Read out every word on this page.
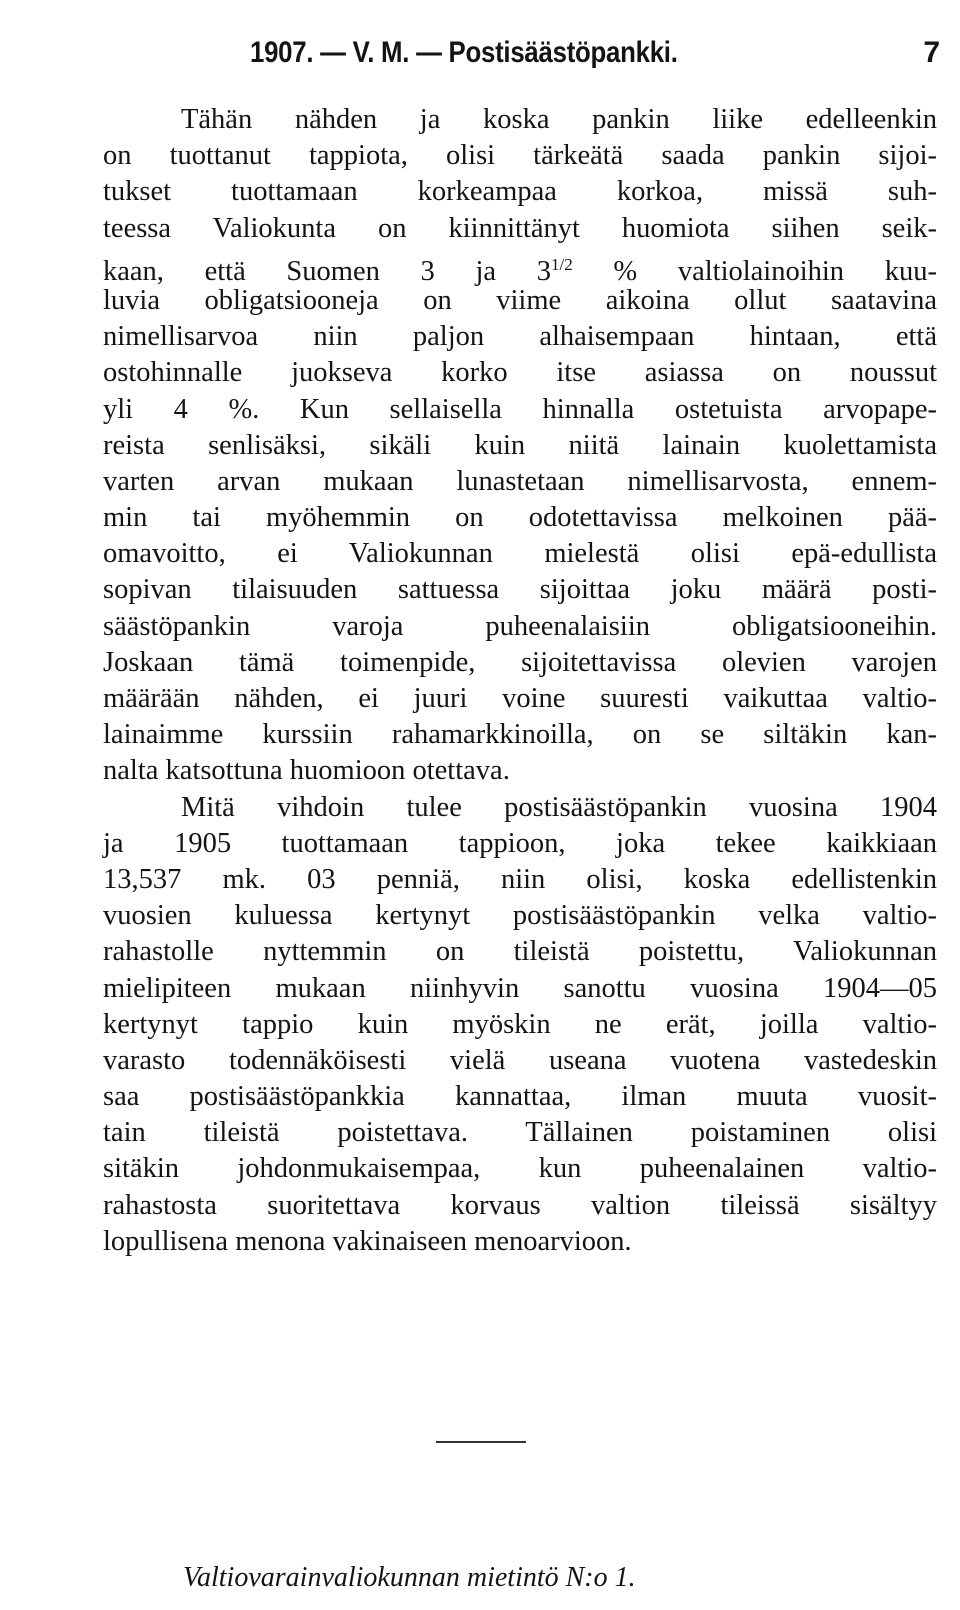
1907. — V. M. — Postisäästöpankki.	7
Tähän nähden ja koska pankin liike edelleenkin
on tuottanut tappiota, olisi tärkeätä saada pankin sijoi-
tukset tuottamaan korkeampaa korkoa, missä suh-
teessa Valiokunta on kiinnittänyt huomiota siihen seik-
kaan, että Suomen 3 ja $3^{1/2}$ % valtiolainoihin kuu-
luvia obligatsiooneja on viime aikoina ollut saatavina
nimellisarvoa niin paljon alhaisempaan hintaan, että
ostohinnalle juokseva korko itse asiassa on noussut
yli 4 %. Kun sellaisella hinnalla ostetuista arvopape-
reista senlisäksi, sikäli kuin niitä lainain kuolettamista
varten arvan mukaan lunastetaan nimellisarvosta, ennem-
min tai myöhemmin on odotettavissa melkoinen pää-
omavoitto, ei Valiokunnan mielestä olisi epä-edullista
sopivan tilaisuuden sattuessa sijoittaa joku määrä posti-
säästöpankin varoja puheenalaisiin obligatsiooneihin.
Joskaan tämä toimenpide, sijoitettavissa olevien varojen
määrään nähden, ei juuri voine suuresti vaikuttaa valtio-
lainaimme kurssiin rahamarkkinoilla, on se siltäkin kan-
nalta katsottuna huomioon otettava.
Mitä vihdoin tulee postisäästöpankin vuosina 1904
ja 1905 tuottamaan tappioon, joka tekee kaikkiaan
13,537 mk. 03 penniä, niin olisi, koska edellistenkin
vuosien kuluessa kertynyt postisäästöpankin velka valtio-
rahastolle nyttemmin on tileistä poistettu, Valiokunnan
mielipiteen mukaan niinhyvin sanottu vuosina 1904—05
kertynyt tappio kuin myöskin ne erät, joilla valtio-
varasto todennäköisesti vielä useana vuotena vastedeskin
saa postisäästöpankkia kannattaa, ilman muuta vuosit-
tain tileistä poistettava. Tällainen poistaminen olisi
sitäkin johdonmukaisempaa, kun puheenalainen valtio-
rahastosta suoritettava korvaus valtion tileissä sisältyy
lopullisena menona vakinaiseen menoarvioon.
Valtiovarainvaliokunnan mietintö N:o 1.
